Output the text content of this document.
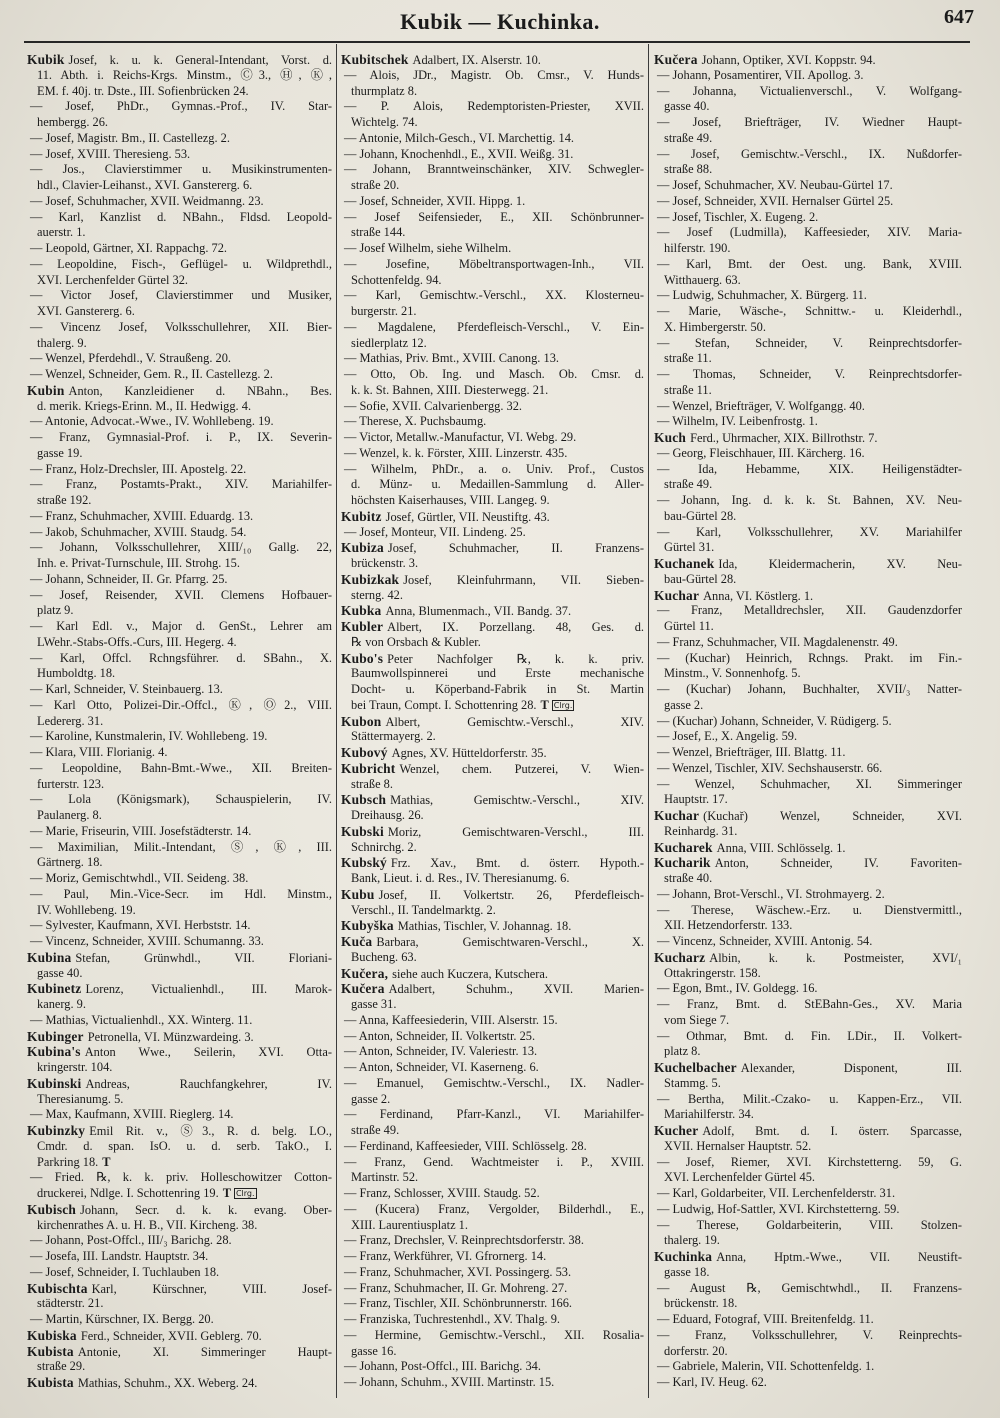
Kubik — Kuchinka.	647
Kubik Josef, k. u. k. General-Intendant, Vorst. d.
11. Abth. i. Reichs-Krgs. Minstm., Ⓒ3., Ⓗ, Ⓚ,
EM. f. 40j. tr. Dste., III. Sofienbrücken 24.
— Josef, PhDr., Gymnas.-Prof., IV. Star-
hembergg. 26.
— Josef, Magistr. Bm., II. Castellezg. 2.
— Josef, XVIII. Theresieng. 53.
— Jos., Clavierstimmer u. Musikinstrumenten-
hdl., Clavier-Leihanst., XVI. Ganstererg. 6.
— Josef, Schuhmacher, XVII. Weidmanng. 23.
— Karl, Kanzlist d. NBahn., Fldsd. Leopold-
auerstr. 1.
— Leopold, Gärtner, XI. Rappachg. 72.
— Leopoldine, Fisch-, Geflügel- u. Wildprethdl.,
XVI. Lerchenfelder Gürtel 32.
— Victor Josef, Clavierstimmer und Musiker,
XVI. Ganstererg. 6.
— Vincenz Josef, Volksschullehrer, XII. Bier-
thalerg. 9.
— Wenzel, Pferdehdl., V. Straußeng. 20.
— Wenzel, Schneider, Gem. R., II. Castellezg. 2.
Kubin Anton, Kanzleidiener d. NBahn., Bes.
d. merik. Kriegs-Erinn. M., II. Hedwigg. 4.
— Antonie, Advocat.-Wwe., IV. Wohllebeng. 19.
— Franz, Gymnasial-Prof. i. P., IX. Severin-
gasse 19.
— Franz, Holz-Drechsler, III. Apostelg. 22.
— Franz, Postamts-Prakt., XIV. Mariahilfer-
straße 192.
— Franz, Schuhmacher, XVIII. Eduardg. 13.
— Jakob, Schuhmacher, XVIII. Staudg. 54.
— Johann, Volksschullehrer, XIII/₁₀ Gallg. 22,
Inh. e. Privat-Turnschule, III. Strohg. 15.
— Johann, Schneider, II. Gr. Pfarrg. 25.
— Josef, Reisender, XVII. Clemens Hofbauer-
platz 9.
— Karl Edl. v., Major d. GenSt., Lehrer am
LWehr.-Stabs-Offs.-Curs, III. Hegerg. 4.
— Karl, Offcl. Rchngsführer. d. SBahn., X.
Humboldtg. 18.
— Karl, Schneider, V. Steinbauerg. 13.
— Karl Otto, Polizei-Dir.-Offcl., Ⓚ, Ⓞ2., VIII.
Ledererg. 31.
— Karoline, Kunstmalerin, IV. Wohllebeng. 19.
— Klara, VIII. Florianig. 4.
— Leopoldine, Bahn-Bmt.-Wwe., XII. Breiten-
furterstr. 123.
— Lola (Königsmark), Schauspielerin, IV.
Paulanerg. 8.
— Marie, Friseurin, VIII. Josefstädterstr. 14.
— Maximilian, Milit.-Intendant, Ⓢ, Ⓚ, III.
Gärtnerg. 18.
— Moriz, Gemischtwhdl., VII. Seideng. 38.
— Paul, Min.-Vice-Secr. im Hdl. Minstm.,
IV. Wohllebeng. 19.
— Sylvester, Kaufmann, XVI. Herbststr. 14.
— Vincenz, Schneider, XVIII. Schumanng. 33.
Kubina Stefan, Grünwhdl., VII. Floriani-
gasse 40.
Kubinetz Lorenz, Victualienhdl., III. Marok-
kanerg. 9.
— Mathias, Victualienhdl., XX. Winterg. 11.
Kubinger Petronella, VI. Münzwardeing. 3.
Kubina's Anton Wwe., Seilerin, XVI. Otta-
kringerstr. 104.
Kubinski Andreas, Rauchfangkehrer, IV.
Theresianumg. 5.
— Max, Kaufmann, XVIII. Rieglerg. 14.
Kubinzky Emil Rit. v., Ⓢ3., R. d. belg. LO.,
Cmdr. d. span. IsO. u. d. serb. TakO., I.
Parkring 18. T
— Fried. ℞, k. k. priv. Holleschowitzer Cotton-
druckerei, Ndlge. I. Schottenring 19. T Clrg.
Kubisch Johann, Secr. d. k. k. evang. Ober-
kirchenrathes A. u. H. B., VII. Kircheng. 38.
— Johann, Post-Offcl., III/₃ Barichg. 28.
— Josefa, III. Landstr. Hauptstr. 34.
— Josef, Schneider, I. Tuchlauben 18.
Kubischta Karl, Kürschner, VIII. Josef-
städterstr. 21.
— Martin, Kürschner, IX. Bergg. 20.
Kubiska Ferd., Schneider, XVII. Geblerg. 70.
Kubista Antonie, XI. Simmeringer Haupt-
straße 29.
Kubista Mathias, Schuhm., XX. Weberg. 24.
Kubitschek Adalbert, IX. Alserstr. 10.
— Alois, JDr., Magistr. Ob. Cmsr., V. Hunds-
thurmplatz 8.
— P. Alois, Redemptoristen-Priester, XVII.
Wichtelg. 74.
— Antonie, Milch-Gesch., VI. Marchettig. 14.
— Johann, Knochenhdl., E., XVII. Weißg. 31.
— Johann, Branntweinschänker, XIV. Schwegler-
straße 20.
— Josef, Schneider, XVII. Hippg. 1.
— Josef Seifensieder, E., XII. Schönbrunner-
straße 144.
— Josef Wilhelm, siehe Wilhelm.
— Josefine, Möbeltransportwagen-Inh., VII.
Schottenfeldg. 94.
— Karl, Gemischtw.-Verschl., XX. Klosterneu-
burgerstr. 21.
— Magdalene, Pferdefleisch-Verschl., V. Ein-
siedlerplatz 12.
— Mathias, Priv. Bmt., XVIII. Canong. 13.
— Otto, Ob. Ing. und Masch. Ob. Cmsr. d.
k. k. St. Bahnen, XIII. Diesterwegg. 21.
— Sofie, XVII. Calvarienbergg. 32.
— Therese, X. Puchsbaumg.
— Victor, Metallw.-Manufactur, VI. Webg. 29.
— Wenzel, k. k. Förster, XIII. Linzerstr. 435.
— Wilhelm, PhDr., a. o. Univ. Prof., Custos
d. Münz- u. Medaillen-Sammlung d. Aller-
höchsten Kaiserhauses, VIII. Langeg. 9.
Kubitz Josef, Gürtler, VII. Neustiftg. 43.
— Josef, Monteur, VII. Lindeng. 25.
Kubiza Josef, Schuhmacher, II. Franzens-
brückenstr. 3.
Kubizkak Josef, Kleinfuhrmann, VII. Sieben-
sterng. 42.
Kubka Anna, Blumenmach., VII. Bandg. 37.
Kubler Albert, IX. Porzellang. 48, Ges. d.
℞ von Orsbach & Kubler.
Kubo's Peter Nachfolger ℞, k. k. priv.
Baumwollspinnerei und Erste mechanische
Docht- u. Köperband-Fabrik in St. Martin
bei Traun, Compt. I. Schottenring 28. T Clrg.
Kubon Albert, Gemischtw.-Verschl., XIV.
Stättermayerg. 2.
Kubový Agnes, XV. Hütteldorferstr. 35.
Kubricht Wenzel, chem. Putzerei, V. Wien-
straße 8.
Kubsch Mathias, Gemischtw.-Verschl., XIV.
Dreihausg. 26.
Kubski Moriz, Gemischtwaren-Verschl., III.
Schnirchg. 2.
Kubský Frz. Xav., Bmt. d. österr. Hypoth.-
Bank, Lieut. i. d. Res., IV. Theresianumg. 6.
Kubu Josef, II. Volkertstr. 26, Pferdefleisch-
Verschl., II. Tandelmarktg. 2.
Kubyška Mathias, Tischler, V. Johannag. 18.
Kuča Barbara, Gemischtwaren-Verschl., X.
Bucheng. 63.
Kučera, siehe auch Kuczera, Kutschera.
Kučera Adalbert, Schuhm., XVII. Marien-
gasse 31.
— Anna, Kaffeesiederin, VIII. Alserstr. 15.
— Anton, Schneider, II. Volkertstr. 25.
— Anton, Schneider, IV. Valeriestr. 13.
— Anton, Schneider, VI. Kaserneng. 6.
— Emanuel, Gemischtw.-Verschl., IX. Nadler-
gasse 2.
— Ferdinand, Pfarr-Kanzl., VI. Mariahilfer-
straße 49.
— Ferdinand, Kaffeesieder, VIII. Schlösselg. 28.
— Franz, Gend. Wachtmeister i. P., XVIII.
Martinstr. 52.
— Franz, Schlosser, XVIII. Staudg. 52.
— (Kucera) Franz, Vergolder, Bilderhdl., E.,
XIII. Laurentiusplatz 1.
— Franz, Drechsler, V. Reinprechtsdorferstr. 38.
— Franz, Werkführer, VI. Gfrornerg. 14.
— Franz, Schuhmacher, XVI. Possingerg. 53.
— Franz, Schuhmacher, II. Gr. Mohreng. 27.
— Franz, Tischler, XII. Schönbrunnerstr. 166.
— Franziska, Tuchrestenhdl., XV. Thalg. 9.
— Hermine, Gemischtw.-Verschl., XII. Rosalia-
gasse 16.
— Johann, Post-Offcl., III. Barichg. 34.
— Johann, Schuhm., XVIII. Martinstr. 15.
Kučera Johann, Optiker, XVI. Koppstr. 94.
— Johann, Posamentirer, VII. Apollog. 3.
— Johanna, Victualienverschl., V. Wolfgang-
gasse 40.
— Josef, Briefträger, IV. Wiedner Haupt-
straße 49.
— Josef, Gemischtw.-Verschl., IX. Nußdorfer-
straße 88.
— Josef, Schuhmacher, XV. Neubau-Gürtel 17.
— Josef, Schneider, XVII. Hernalser Gürtel 25.
— Josef, Tischler, X. Eugeng. 2.
— Josef (Ludmilla), Kaffeesieder, XIV. Maria-
hilferstr. 190.
— Karl, Bmt. der Oest. ung. Bank, XVIII.
Witthauerg. 63.
— Ludwig, Schuhmacher, X. Bürgerg. 11.
— Marie, Wäsche-, Schnittw.- u. Kleiderhdl.,
X. Himbergerstr. 50.
— Stefan, Schneider, V. Reinprechtsdorfer-
straße 11.
— Thomas, Schneider, V. Reinprechtsdorfer-
straße 11.
— Wenzel, Briefträger, V. Wolfgangg. 40.
— Wilhelm, IV. Leibenfrostg. 1.
Kuch Ferd., Uhrmacher, XIX. Billrothstr. 7.
— Georg, Fleischhauer, III. Kärcherg. 16.
— Ida, Hebamme, XIX. Heiligenstädter-
straße 49.
— Johann, Ing. d. k. k. St. Bahnen, XV. Neu-
bau-Gürtel 28.
— Karl, Volksschullehrer, XV. Mariahilfer
Gürtel 31.
Kuchanek Ida, Kleidermacherin, XV. Neu-
bau-Gürtel 28.
Kuchar Anna, VI. Köstlerg. 1.
— Franz, Metalldrechsler, XII. Gaudenzdorfer
Gürtel 11.
— Franz, Schuhmacher, VII. Magdalenenstr. 49.
— (Kuchar) Heinrich, Rchngs. Prakt. im Fin.-
Minstm., V. Sonnenhofg. 5.
— (Kuchar) Johann, Buchhalter, XVII/₃ Natter-
gasse 2.
— (Kuchar) Johann, Schneider, V. Rüdigerg. 5.
— Josef, E., X. Angelig. 59.
— Wenzel, Briefträger, III. Blattg. 11.
— Wenzel, Tischler, XIV. Sechshauserstr. 66.
— Wenzel, Schuhmacher, XI. Simmeringer
Hauptstr. 17.
Kuchar (Kuchař) Wenzel, Schneider, XVI.
Reinhardg. 31.
Kucharek Anna, VIII. Schlösselg. 1.
Kucharik Anton, Schneider, IV. Favoriten-
straße 40.
— Johann, Brot-Verschl., VI. Strohmayerg. 2.
— Therese, Wäschew.-Erz. u. Dienstvermittl.,
XII. Hetzendorferstr. 133.
— Vincenz, Schneider, XVIII. Antonig. 54.
Kucharz Albin, k. k. Postmeister, XVI/₁
Ottakringerstr. 158.
— Egon, Bmt., IV. Goldegg. 16.
— Franz, Bmt. d. StEBahn-Ges., XV. Maria
vom Siege 7.
— Othmar, Bmt. d. Fin. LDir., II. Volkert-
platz 8.
Kuchelbacher Alexander, Disponent, III.
Stammg. 5.
— Bertha, Milit.-Czako- u. Kappen-Erz., VII.
Mariahilferstr. 34.
Kucher Adolf, Bmt. d. I. österr. Sparcasse,
XVII. Hernalser Hauptstr. 52.
— Josef, Riemer, XVI. Kirchstetterng. 59, G.
XVI. Lerchenfelder Gürtel 45.
— Karl, Goldarbeiter, VII. Lerchenfelderstr. 31.
— Ludwig, Hof-Sattler, XVI. Kirchstetterng. 59.
— Therese, Goldarbeiterin, VIII. Stolzen-
thalerg. 19.
Kuchinka Anna, Hptm.-Wwe., VII. Neustift-
gasse 18.
— August ℞, Gemischtwhdl., II. Franzens-
brückenstr. 18.
— Eduard, Fotograf, VIII. Breitenfeldg. 11.
— Franz, Volksschullehrer, V. Reinprechts-
dorferstr. 20.
— Gabriele, Malerin, VII. Schottenfeldg. 1.
— Karl, IV. Heug. 62.
